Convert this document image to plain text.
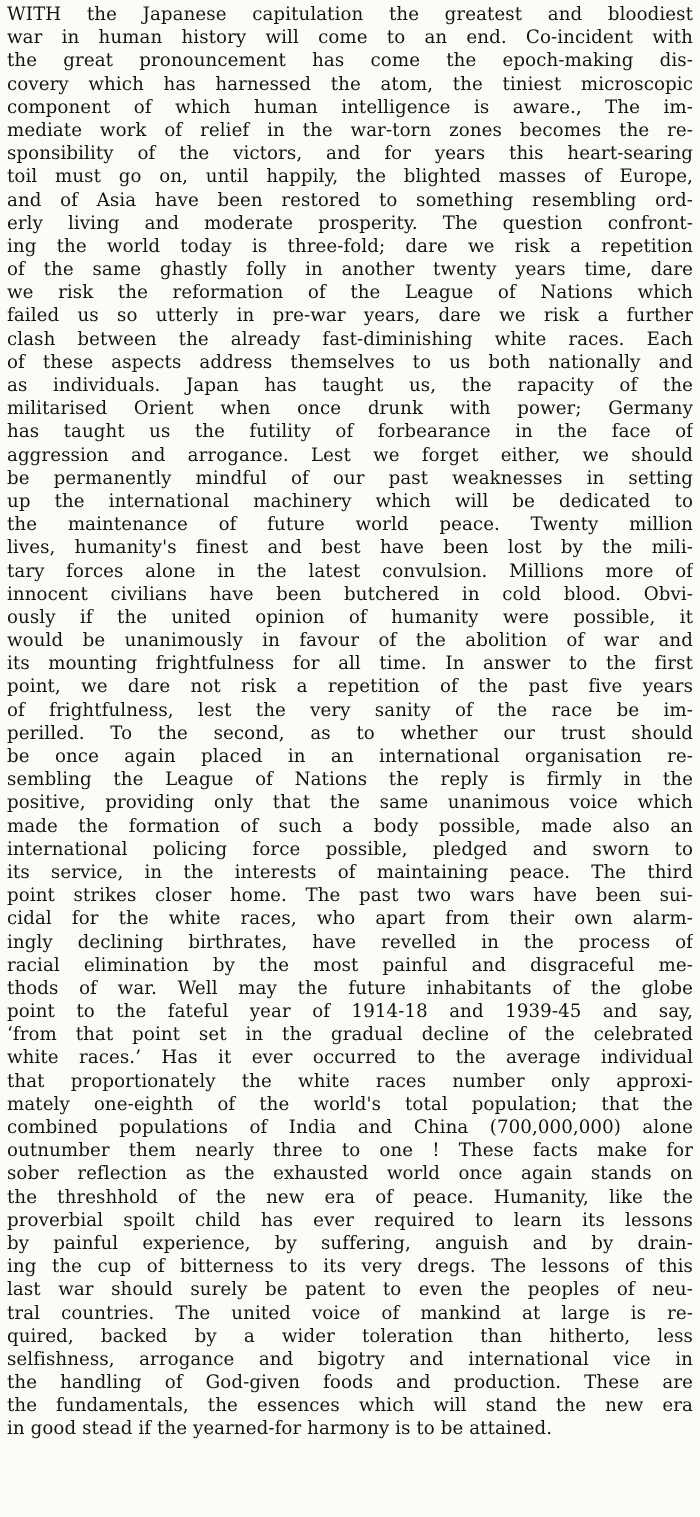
WITH the Japanese capitulation the greatest and bloodiest
war in human history will come to an end. Co-incident with
the great pronouncement has come the epoch-making dis-
covery which has harnessed the atom, the tiniest microscopic
component of which human intelligence is aware., The im-
mediate work of relief in the war-torn zones becomes the re-
sponsibility of the victors, and for years this heart-searing
toil must go on, until happily, the blighted masses of Europe,
and of Asia have been restored to something resembling ord-
erly living and moderate prosperity. The question confront-
ing the world today is three-fold; dare we risk a repetition
of the same ghastly folly in another twenty years time, dare
we risk the reformation of the League of Nations which
failed us so utterly in pre-war years, dare we risk a further
clash between the already fast-diminishing white races. Each
of these aspects address themselves to us both nationally and
as individuals. Japan has taught us, the rapacity of the
militarised Orient when once drunk with power; Germany
has taught us the futility of forbearance in the face of
aggression and arrogance. Lest we forget either, we should
be permanently mindful of our past weaknesses in setting
up the international machinery which will be dedicated to
the maintenance of future world peace. Twenty million
lives, humanity's finest and best have been lost by the mili-
tary forces alone in the latest convulsion. Millions more of
innocent civilians have been butchered in cold blood. Obvi-
ously if the united opinion of humanity were possible, it
would be unanimously in favour of the abolition of war and
its mounting frightfulness for all time. In answer to the first
point, we dare not risk a repetition of the past five years
of frightfulness, lest the very sanity of the race be im-
perilled. To the second, as to whether our trust should
be once again placed in an international organisation re-
sembling the League of Nations the reply is firmly in the
positive, providing only that the same unanimous voice which
made the formation of such a body possible, made also an
international policing force possible, pledged and sworn to
its service, in the interests of maintaining peace. The third
point strikes closer home. The past two wars have been sui-
cidal for the white races, who apart from their own alarm-
ingly declining birthrates, have revelled in the process of
racial elimination by the most painful and disgraceful me-
thods of war. Well may the future inhabitants of the globe
point to the fateful year of 1914-18 and 1939-45 and say,
‘from that point set in the gradual decline of the celebrated
white races.’ Has it ever occurred to the average individual
that proportionately the white races number only approxi-
mately one-eighth of the world's total population; that the
combined populations of India and China (700,000,000) alone
outnumber them nearly three to one ! These facts make for
sober reflection as the exhausted world once again stands on
the threshhold of the new era of peace. Humanity, like the
proverbial spoilt child has ever required to learn its lessons
by painful experience, by suffering, anguish and by drain-
ing the cup of bitterness to its very dregs. The lessons of this
last war should surely be patent to even the peoples of neu-
tral countries. The united voice of mankind at large is re-
quired, backed by a wider toleration than hitherto, less
selfishness, arrogance and bigotry and international vice in
the handling of God-given foods and production. These are
the fundamentals, the essences which will stand the new era
in good stead if the yearned-for harmony is to be attained.
